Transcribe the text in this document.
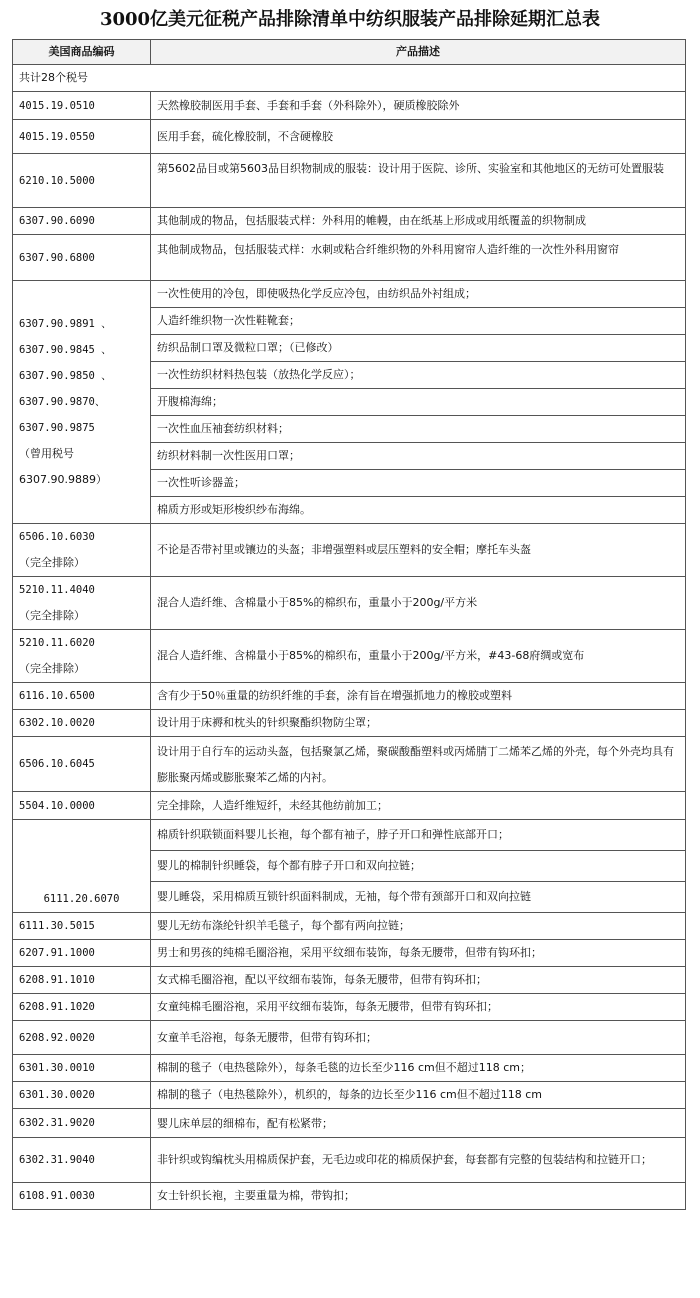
3000亿美元征税产品排除清单中纺织服装产品排除延期汇总表
美国商品编码	产品描述
共计28个税号	

4015.19.0510	天然橡胶制医用手套、手套和手套（外科除外），硬质橡胶除外

4015.19.0550	医用手套，硫化橡胶制，不含硬橡胶

6210.10.5000	第5602品目或第5603品目织物制成的服装：设计用于医院、诊所、实验室和其他地区的无纺可处置服装

6307.90.6090	其他制成的物品，包括服装式样：外科用的帷幔，由在纸基上形成或用纸覆盖的织物制成

6307.90.6800	其他制成物品，包括服装式样：水刺或粘合纤维织物的外科用窗帘人造纤维的一次性外科用窗帘

6307.90.9891 、 6307.90.9845 、 6307.90.9850 、6307.90.9870、6307.90.9875
（曾用税号6307.90.9889）	一次性使用的冷包，即使吸热化学反应冷包，由纺织品外衬组成；
	人造纤维织物一次性鞋靴套；
	纺织品制口罩及微粒口罩；（已修改）
	一次性纺织材料热包装（放热化学反应）；
	开腹棉海绵；
	一次性血压袖套纺织材料；
	纺织材料制一次性医用口罩；
	一次性听诊器盖；
	棉质方形或矩形梭织纱布海绵。

6506.10.6030
（完全排除）	不论是否带衬里或镶边的头盔；非增强塑料或层压塑料的安全帽；摩托车头盔

5210.11.4040
（完全排除）	混合人造纤维、含棉量小于85%的棉织布，重量小于200g/平方米

5210.11.6020
（完全排除）	混合人造纤维、含棉量小于85%的棉织布，重量小于200g/平方米，#43-68府绸或宽布

6116.10.6500	含有少于50％重量的纺织纤维的手套，涂有旨在增强抓地力的橡胶或塑料

6302.10.0020	设计用于床褥和枕头的针织聚酯织物防尘罩；

6506.10.6045	设计用于自行车的运动头盔，包括聚氯乙烯，聚碳酸酯塑料或丙烯腈丁二烯苯乙烯的外壳，每个外壳均具有膨胀聚丙烯或膨胀聚苯乙烯的内衬。

5504.10.0000	完全排除，人造纤维短纤，未经其他纺前加工；

6111.20.6070	棉质针织联锁面料婴儿长袍，每个都有袖子，脖子开口和弹性底部开口；
	婴儿的棉制针织睡袋，每个都有脖子开口和双向拉链；
	婴儿睡袋，采用棉质互锁针织面料制成，无袖，每个带有颈部开口和双向拉链

6111.30.5015	婴儿无纺布涤纶针织羊毛毯子，每个都有两向拉链；

6207.91.1000	男士和男孩的纯棉毛圈浴袍，采用平纹细布装饰，每条无腰带，但带有钩环扣；

6208.91.1010	女式棉毛圈浴袍，配以平纹细布装饰，每条无腰带，但带有钩环扣；

6208.91.1020	女童纯棉毛圈浴袍，采用平纹细布装饰，每条无腰带，但带有钩环扣；

6208.92.0020	女童羊毛浴袍，每条无腰带，但带有钩环扣；

6301.30.0010	棉制的毯子（电热毯除外），每条毛毯的边长至少116 cm但不超过118 cm；

6301.30.0020	棉制的毯子（电热毯除外），机织的，每条的边长至少116 cm但不超过118 cm

6302.31.9020	婴儿床单层的细棉布，配有松紧带；

6302.31.9040	非针织或钩编枕头用棉质保护套，无毛边或印花的棉质保护套，每套都有完整的包装结构和拉链开口；

6108.91.0030	女士针织长袍，主要重量为棉，带钩扣；
